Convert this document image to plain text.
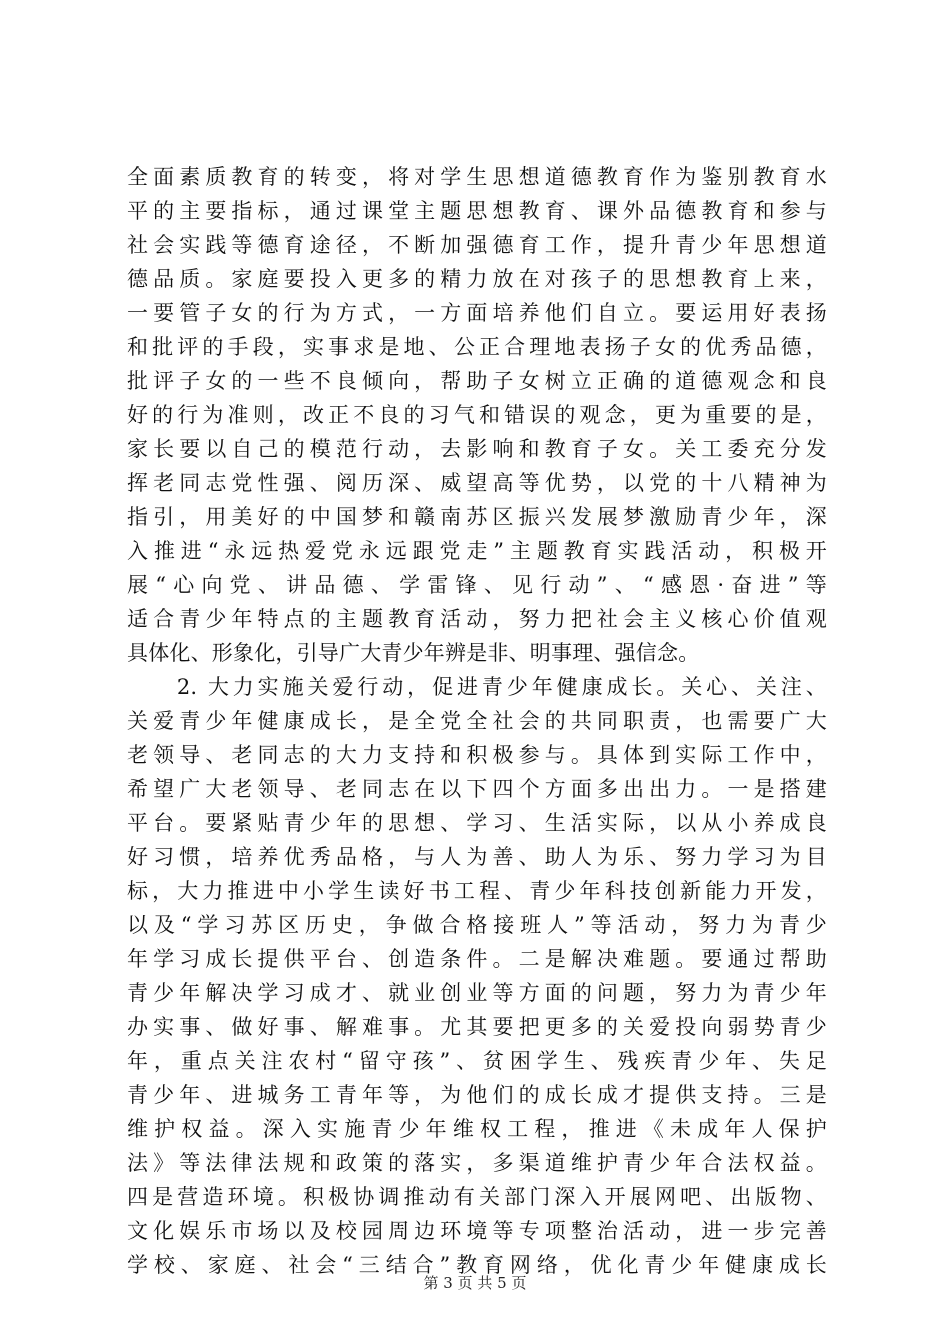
全面素质教育的转变，将对学生思想道德教育作为鉴别教育水
平的主要指标，通过课堂主题思想教育、课外品德教育和参与
社会实践等德育途径，不断加强德育工作，提升青少年思想道
德品质。家庭要投入更多的精力放在对孩子的思想教育上来，
一要管子女的行为方式，一方面培养他们自立。要运用好表扬
和批评的手段，实事求是地、公正合理地表扬子女的优秀品德，
批评子女的一些不良倾向，帮助子女树立正确的道德观念和良
好的行为准则，改正不良的习气和错误的观念，更为重要的是，
家长要以自己的模范行动，去影响和教育子女。关工委充分发
挥老同志党性强、阅历深、威望高等优势，以党的十八精神为
指引，用美好的中国梦和赣南苏区振兴发展梦激励青少年，深
入推进“永远热爱党永远跟党走”主题教育实践活动，积极开
展“心向党、讲品德、学雷锋、见行动”、“感恩·奋进”等
适合青少年特点的主题教育活动，努力把社会主义核心价值观
具体化、形象化，引导广大青少年辨是非、明事理、强信念。
　　2. 大力实施关爱行动，促进青少年健康成长。关心、关注、
关爱青少年健康成长，是全党全社会的共同职责，也需要广大
老领导、老同志的大力支持和积极参与。具体到实际工作中，
希望广大老领导、老同志在以下四个方面多出出力。一是搭建
平台。要紧贴青少年的思想、学习、生活实际，以从小养成良
好习惯，培养优秀品格，与人为善、助人为乐、努力学习为目
标，大力推进中小学生读好书工程、青少年科技创新能力开发，
以及“学习苏区历史，争做合格接班人”等活动，努力为青少
年学习成长提供平台、创造条件。二是解决难题。要通过帮助
青少年解决学习成才、就业创业等方面的问题，努力为青少年
办实事、做好事、解难事。尤其要把更多的关爱投向弱势青少
年，重点关注农村“留守孩”、贫困学生、残疾青少年、失足
青少年、进城务工青年等，为他们的成长成才提供支持。三是
维护权益。深入实施青少年维权工程，推进《未成年人保护
法》等法律法规和政策的落实，多渠道维护青少年合法权益。
四是营造环境。积极协调推动有关部门深入开展网吧、出版物、
文化娱乐市场以及校园周边环境等专项整治活动，进一步完善
学校、家庭、社会“三结合”教育网络，优化青少年健康成长
第 3 页 共 5 页
